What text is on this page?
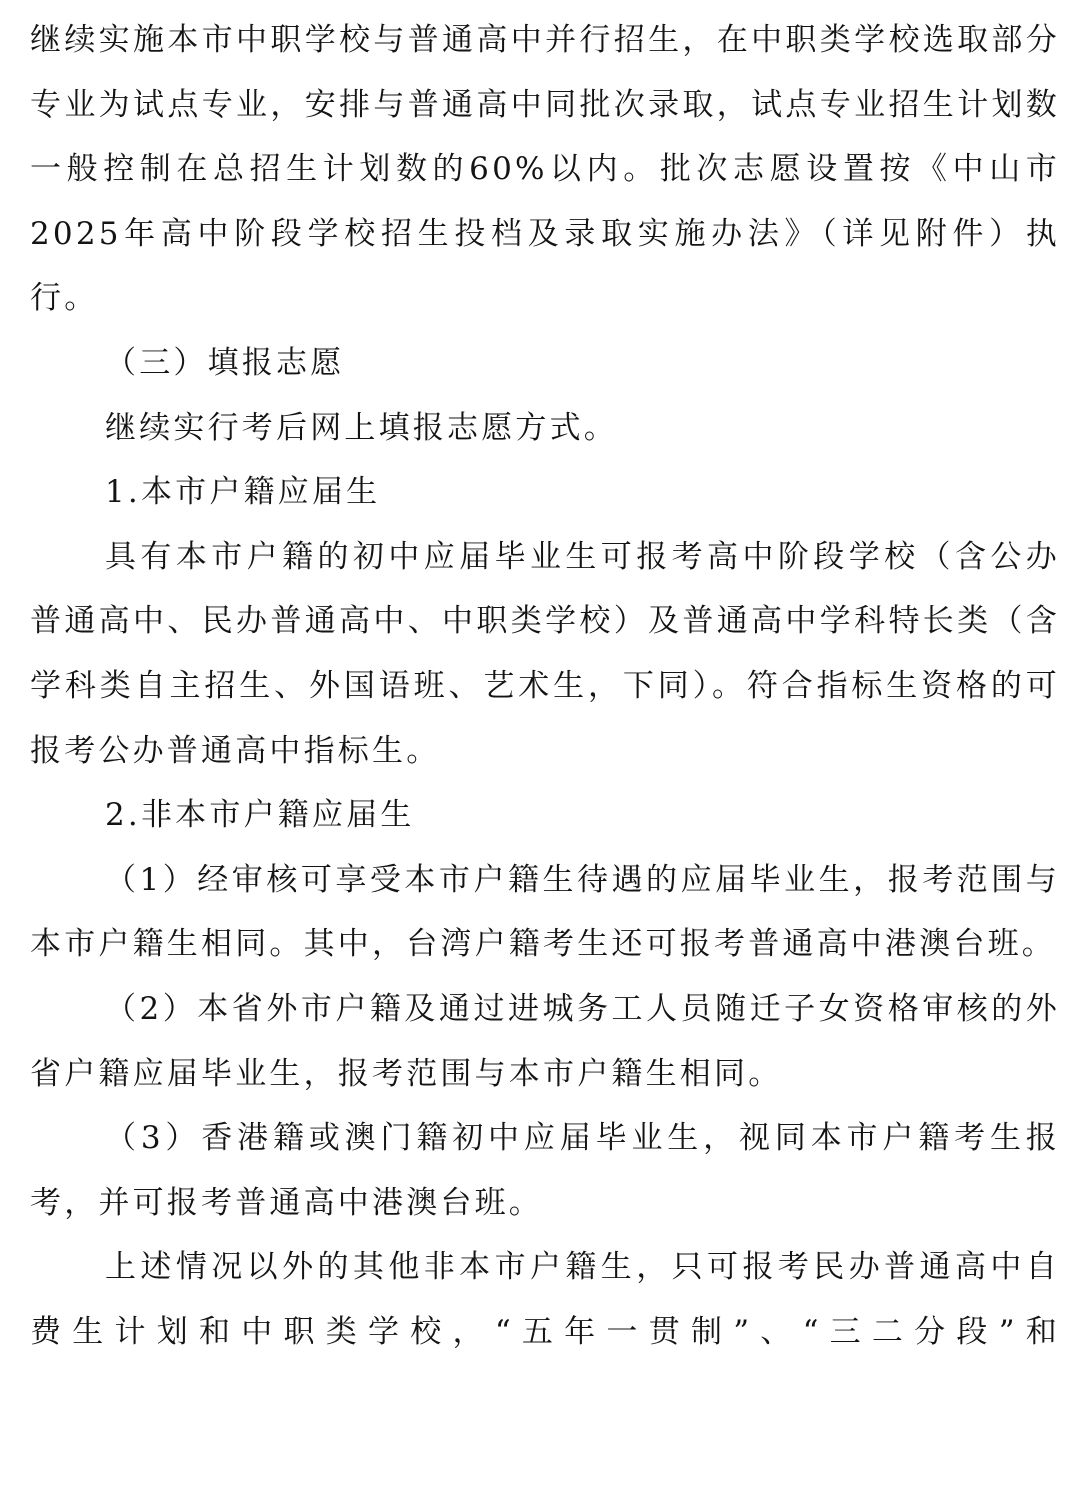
继续实施本市中职学校与普通高中并行招生，在中职类学校选取部分专业为试点专业，安排与普通高中同批次录取，试点专业招生计划数一般控制在总招生计划数的60%以内。批次志愿设置按《中山市2025年高中阶段学校招生投档及录取实施办法》（详见附件）执行。

（三）填报志愿

继续实行考后网上填报志愿方式。

1.本市户籍应届生

具有本市户籍的初中应届毕业生可报考高中阶段学校（含公办普通高中、民办普通高中、中职类学校）及普通高中学科特长类（含学科类自主招生、外国语班、艺术生，下同）。符合指标生资格的可报考公办普通高中指标生。

2.非本市户籍应届生

（1）经审核可享受本市户籍生待遇的应届毕业生，报考范围与本市户籍生相同。其中，台湾户籍考生还可报考普通高中港澳台班。

（2）本省外市户籍及通过进城务工人员随迁子女资格审核的外省户籍应届毕业生，报考范围与本市户籍生相同。

（3）香港籍或澳门籍初中应届毕业生，视同本市户籍考生报考，并可报考普通高中港澳台班。

上述情况以外的其他非本市户籍生，只可报考民办普通高中自费生计划和中职类学校，“五年一贯制”、“三二分段”和
